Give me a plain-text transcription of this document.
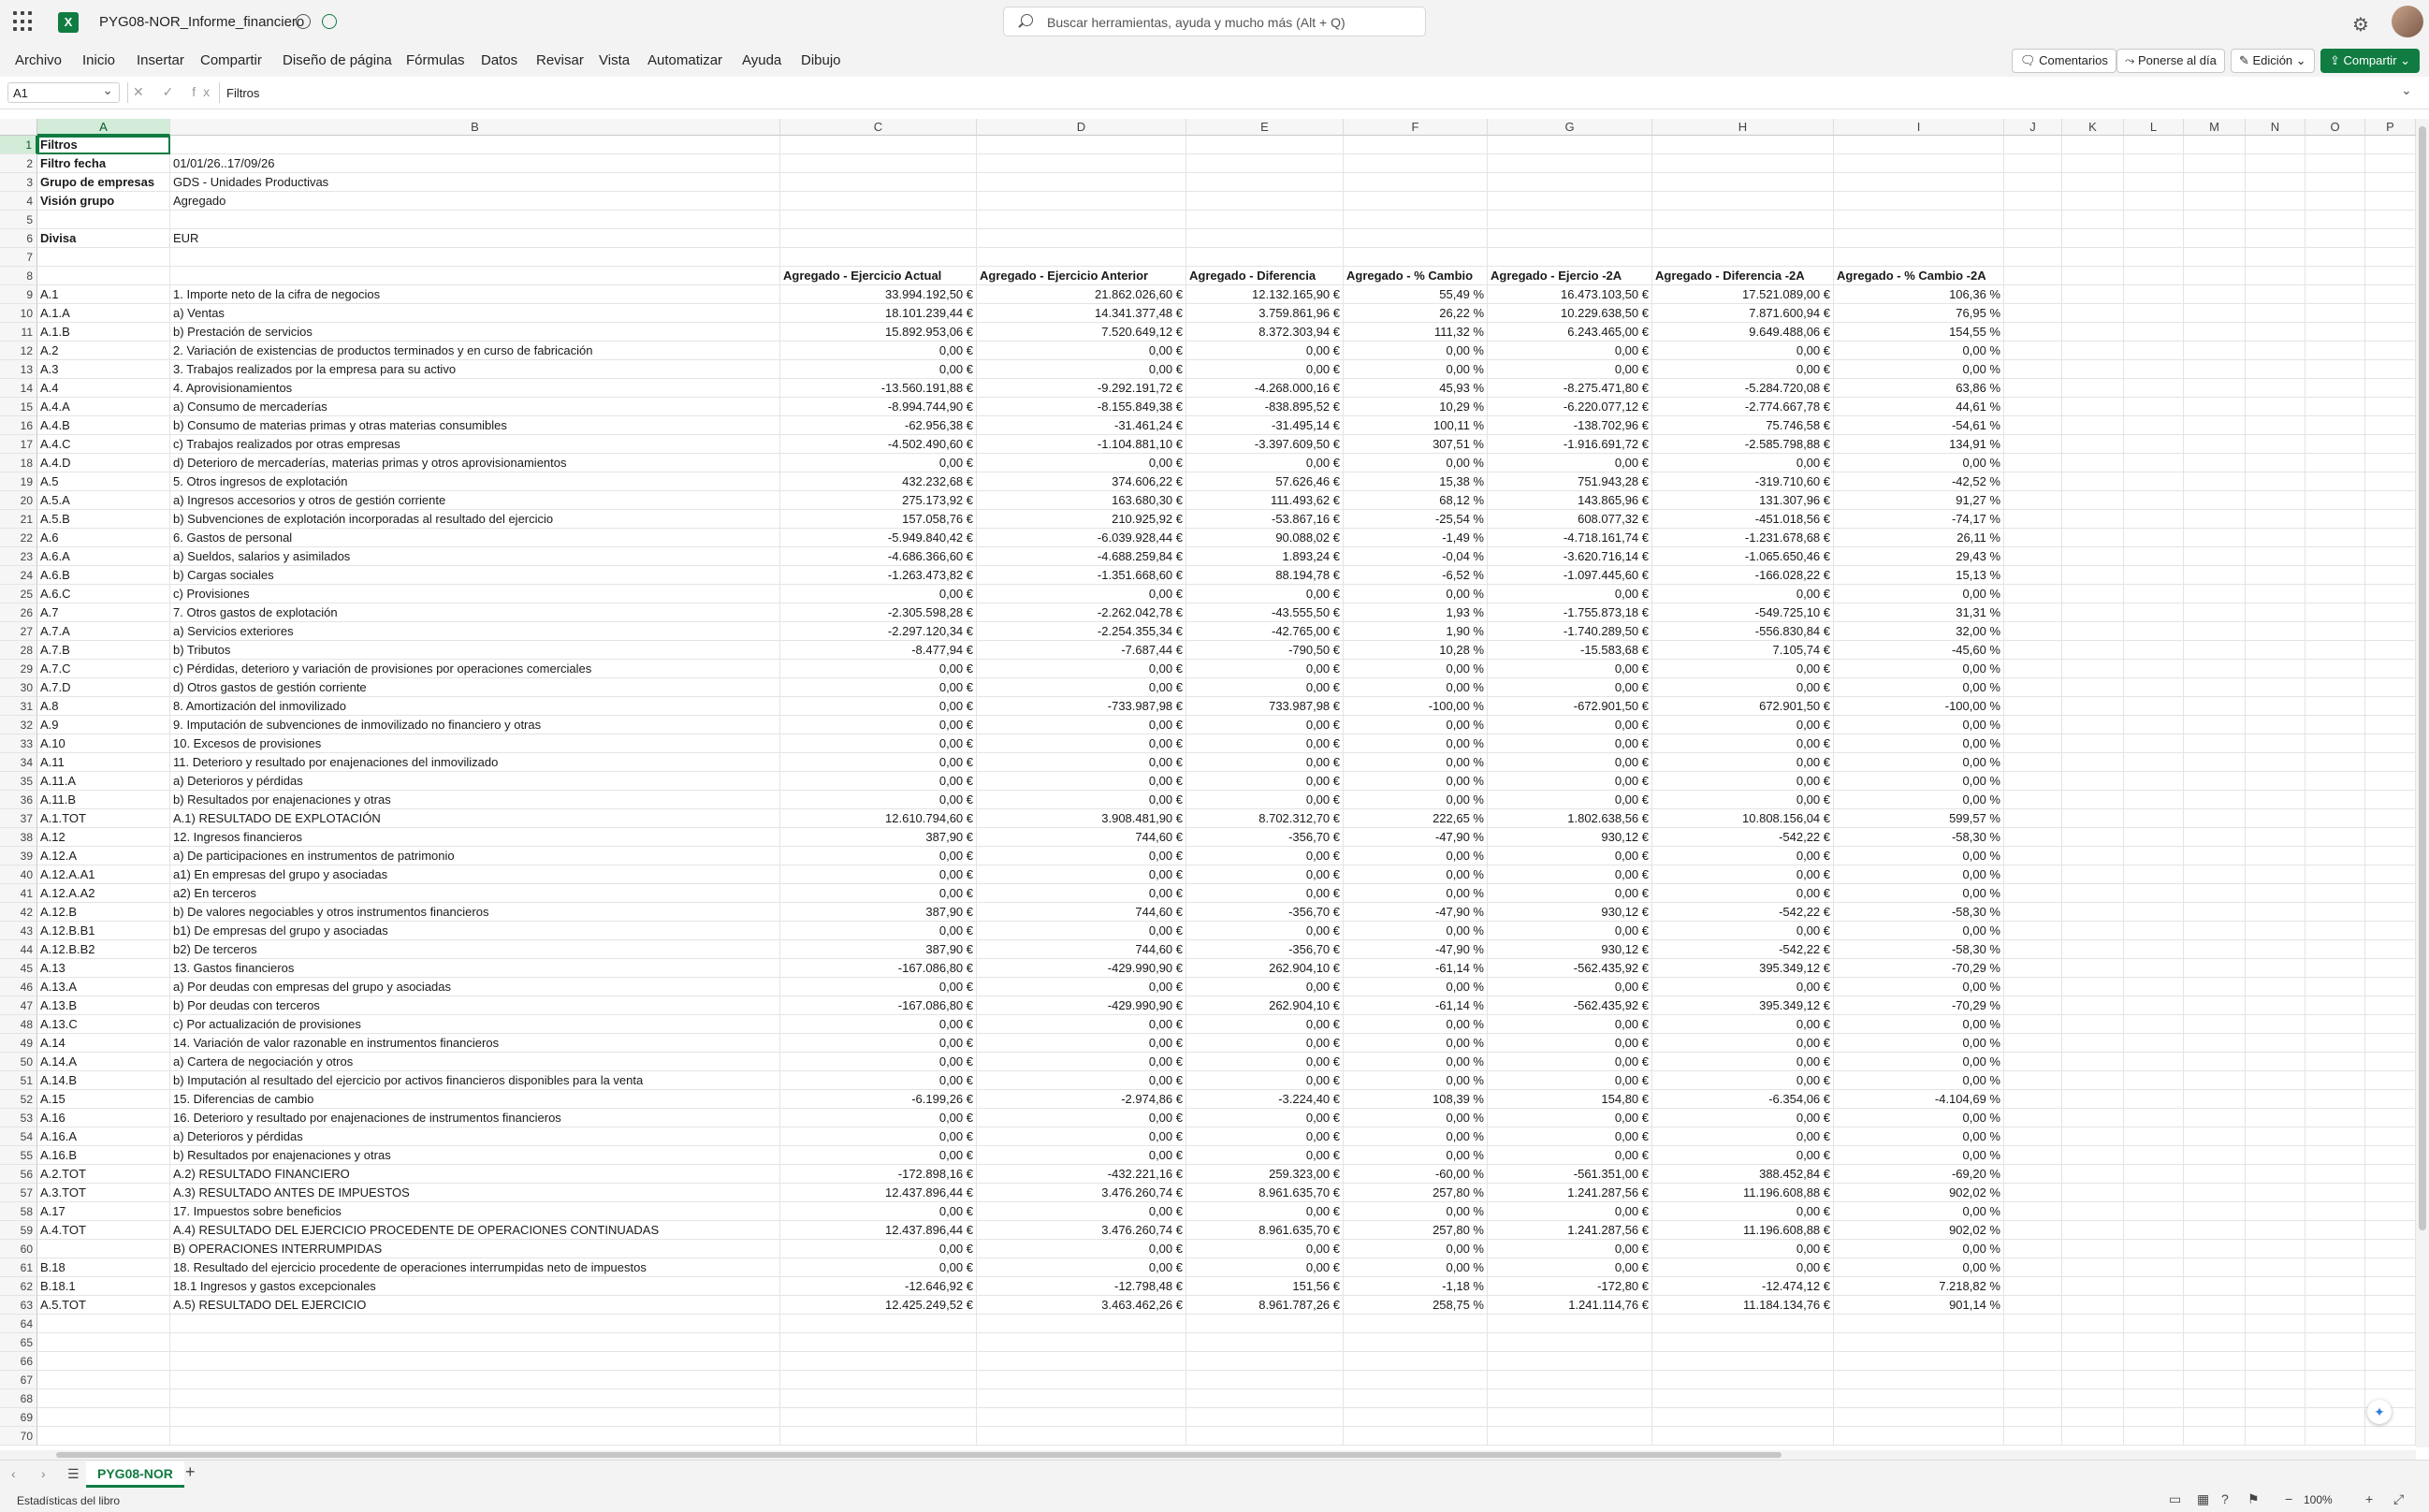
X	PYG08-NOR_Informe_financiero	Buscar herramientas, ayuda y mucho más (Alt + Q)	⚙
Archivo Inicio Insertar Compartir Diseño de página Fórmulas Datos Revisar Vista Automatizar Ayuda Dibujo	🗨 Comentarios	⤳ Ponerse al día	✎ Edición ⌄	⇪ Compartir ⌄
A1 ⌄	✕ ✓ fx Filtros	⌄
A	B	C	D	E	F	G	H	I	J	K	L	M	N	O	P
1 Filtros
2 Filtro fecha	01/01/26..17/09/26
3 Grupo de empresas	GDS - Unidades Productivas
4 Visión grupo	Agregado
5
6 Divisa	EUR
7
8	Agregado - Ejercicio Actual	Agregado - Ejercicio Anterior	Agregado - Diferencia	Agregado - % Cambio	Agregado - Ejercio -2A	Agregado - Diferencia -2A	Agregado - % Cambio -2A
9 A.1	1. Importe neto de la cifra de negocios	33.994.192,50 €	21.862.026,60 €	12.132.165,90 €	55,49 %	16.473.103,50 €	17.521.089,00 €	106,36 %
10 A.1.A	a) Ventas	18.101.239,44 €	14.341.377,48 €	3.759.861,96 €	26,22 %	10.229.638,50 €	7.871.600,94 €	76,95 %
11 A.1.B	b) Prestación de servicios	15.892.953,06 €	7.520.649,12 €	8.372.303,94 €	111,32 %	6.243.465,00 €	9.649.488,06 €	154,55 %
12 A.2	2. Variación de existencias de productos terminados y en curso de fabricación	0,00 €	0,00 €	0,00 €	0,00 %	0,00 €	0,00 €	0,00 %
13 A.3	3. Trabajos realizados por la empresa para su activo	0,00 €	0,00 €	0,00 €	0,00 %	0,00 €	0,00 €	0,00 %
14 A.4	4. Aprovisionamientos	-13.560.191,88 €	-9.292.191,72 €	-4.268.000,16 €	45,93 %	-8.275.471,80 €	-5.284.720,08 €	63,86 %
15 A.4.A	a) Consumo de mercaderías	-8.994.744,90 €	-8.155.849,38 €	-838.895,52 €	10,29 %	-6.220.077,12 €	-2.774.667,78 €	44,61 %
16 A.4.B	b) Consumo de materias primas y otras materias consumibles	-62.956,38 €	-31.461,24 €	-31.495,14 €	100,11 %	-138.702,96 €	75.746,58 €	-54,61 %
17 A.4.C	c) Trabajos realizados por otras empresas	-4.502.490,60 €	-1.104.881,10 €	-3.397.609,50 €	307,51 %	-1.916.691,72 €	-2.585.798,88 €	134,91 %
18 A.4.D	d) Deterioro de mercaderías, materias primas y otros aprovisionamientos	0,00 €	0,00 €	0,00 €	0,00 %	0,00 €	0,00 €	0,00 %
19 A.5	5. Otros ingresos de explotación	432.232,68 €	374.606,22 €	57.626,46 €	15,38 %	751.943,28 €	-319.710,60 €	-42,52 %
20 A.5.A	a) Ingresos accesorios y otros de gestión corriente	275.173,92 €	163.680,30 €	111.493,62 €	68,12 %	143.865,96 €	131.307,96 €	91,27 %
21 A.5.B	b) Subvenciones de explotación incorporadas al resultado del ejercicio	157.058,76 €	210.925,92 €	-53.867,16 €	-25,54 %	608.077,32 €	-451.018,56 €	-74,17 %
22 A.6	6. Gastos de personal	-5.949.840,42 €	-6.039.928,44 €	90.088,02 €	-1,49 %	-4.718.161,74 €	-1.231.678,68 €	26,11 %
23 A.6.A	a) Sueldos, salarios y asimilados	-4.686.366,60 €	-4.688.259,84 €	1.893,24 €	-0,04 %	-3.620.716,14 €	-1.065.650,46 €	29,43 %
24 A.6.B	b) Cargas sociales	-1.263.473,82 €	-1.351.668,60 €	88.194,78 €	-6,52 %	-1.097.445,60 €	-166.028,22 €	15,13 %
25 A.6.C	c) Provisiones	0,00 €	0,00 €	0,00 €	0,00 %	0,00 €	0,00 €	0,00 %
26 A.7	7. Otros gastos de explotación	-2.305.598,28 €	-2.262.042,78 €	-43.555,50 €	1,93 %	-1.755.873,18 €	-549.725,10 €	31,31 %
27 A.7.A	a) Servicios exteriores	-2.297.120,34 €	-2.254.355,34 €	-42.765,00 €	1,90 %	-1.740.289,50 €	-556.830,84 €	32,00 %
28 A.7.B	b) Tributos	-8.477,94 €	-7.687,44 €	-790,50 €	10,28 %	-15.583,68 €	7.105,74 €	-45,60 %
29 A.7.C	c) Pérdidas, deterioro y variación de provisiones por operaciones comerciales	0,00 €	0,00 €	0,00 €	0,00 %	0,00 €	0,00 €	0,00 %
30 A.7.D	d) Otros gastos de gestión corriente	0,00 €	0,00 €	0,00 €	0,00 %	0,00 €	0,00 €	0,00 %
31 A.8	8. Amortización del inmovilizado	0,00 €	-733.987,98 €	733.987,98 €	-100,00 %	-672.901,50 €	672.901,50 €	-100,00 %
32 A.9	9. Imputación de subvenciones de inmovilizado no financiero y otras	0,00 €	0,00 €	0,00 €	0,00 %	0,00 €	0,00 €	0,00 %
33 A.10	10. Excesos de provisiones	0,00 €	0,00 €	0,00 €	0,00 %	0,00 €	0,00 €	0,00 %
34 A.11	11. Deterioro y resultado por enajenaciones del inmovilizado	0,00 €	0,00 €	0,00 €	0,00 %	0,00 €	0,00 €	0,00 %
35 A.11.A	a) Deterioros y pérdidas	0,00 €	0,00 €	0,00 €	0,00 %	0,00 €	0,00 €	0,00 %
36 A.11.B	b) Resultados por enajenaciones y otras	0,00 €	0,00 €	0,00 €	0,00 %	0,00 €	0,00 €	0,00 %
37 A.1.TOT	A.1) RESULTADO DE EXPLOTACIÓN	12.610.794,60 €	3.908.481,90 €	8.702.312,70 €	222,65 %	1.802.638,56 €	10.808.156,04 €	599,57 %
38 A.12	12. Ingresos financieros	387,90 €	744,60 €	-356,70 €	-47,90 %	930,12 €	-542,22 €	-58,30 %
39 A.12.A	a) De participaciones en instrumentos de patrimonio	0,00 €	0,00 €	0,00 €	0,00 %	0,00 €	0,00 €	0,00 %
40 A.12.A.A1	a1) En empresas del grupo y asociadas	0,00 €	0,00 €	0,00 €	0,00 %	0,00 €	0,00 €	0,00 %
41 A.12.A.A2	a2) En terceros	0,00 €	0,00 €	0,00 €	0,00 %	0,00 €	0,00 €	0,00 %
42 A.12.B	b) De valores negociables y otros instrumentos financieros	387,90 €	744,60 €	-356,70 €	-47,90 %	930,12 €	-542,22 €	-58,30 %
43 A.12.B.B1	b1) De empresas del grupo y asociadas	0,00 €	0,00 €	0,00 €	0,00 %	0,00 €	0,00 €	0,00 %
44 A.12.B.B2	b2) De terceros	387,90 €	744,60 €	-356,70 €	-47,90 %	930,12 €	-542,22 €	-58,30 %
45 A.13	13. Gastos financieros	-167.086,80 €	-429.990,90 €	262.904,10 €	-61,14 %	-562.435,92 €	395.349,12 €	-70,29 %
46 A.13.A	a) Por deudas con empresas del grupo y asociadas	0,00 €	0,00 €	0,00 €	0,00 %	0,00 €	0,00 €	0,00 %
47 A.13.B	b) Por deudas con terceros	-167.086,80 €	-429.990,90 €	262.904,10 €	-61,14 %	-562.435,92 €	395.349,12 €	-70,29 %
48 A.13.C	c) Por actualización de provisiones	0,00 €	0,00 €	0,00 €	0,00 %	0,00 €	0,00 €	0,00 %
49 A.14	14. Variación de valor razonable en instrumentos financieros	0,00 €	0,00 €	0,00 €	0,00 %	0,00 €	0,00 €	0,00 %
50 A.14.A	a) Cartera de negociación y otros	0,00 €	0,00 €	0,00 €	0,00 %	0,00 €	0,00 €	0,00 %
51 A.14.B	b) Imputación al resultado del ejercicio por activos financieros disponibles para la venta	0,00 €	0,00 €	0,00 €	0,00 %	0,00 €	0,00 €	0,00 %
52 A.15	15. Diferencias de cambio	-6.199,26 €	-2.974,86 €	-3.224,40 €	108,39 %	154,80 €	-6.354,06 €	-4.104,69 %
53 A.16	16. Deterioro y resultado por enajenaciones de instrumentos financieros	0,00 €	0,00 €	0,00 €	0,00 %	0,00 €	0,00 €	0,00 %
54 A.16.A	a) Deterioros y pérdidas	0,00 €	0,00 €	0,00 €	0,00 %	0,00 €	0,00 €	0,00 %
55 A.16.B	b) Resultados por enajenaciones y otras	0,00 €	0,00 €	0,00 €	0,00 %	0,00 €	0,00 €	0,00 %
56 A.2.TOT	A.2) RESULTADO FINANCIERO	-172.898,16 €	-432.221,16 €	259.323,00 €	-60,00 %	-561.351,00 €	388.452,84 €	-69,20 %
57 A.3.TOT	A.3) RESULTADO ANTES DE IMPUESTOS	12.437.896,44 €	3.476.260,74 €	8.961.635,70 €	257,80 %	1.241.287,56 €	11.196.608,88 €	902,02 %
58 A.17	17. Impuestos sobre beneficios	0,00 €	0,00 €	0,00 €	0,00 %	0,00 €	0,00 €	0,00 %
59 A.4.TOT	A.4) RESULTADO DEL EJERCICIO PROCEDENTE DE OPERACIONES CONTINUADAS	12.437.896,44 €	3.476.260,74 €	8.961.635,70 €	257,80 %	1.241.287,56 €	11.196.608,88 €	902,02 %
60	B) OPERACIONES INTERRUMPIDAS	0,00 €	0,00 €	0,00 €	0,00 %	0,00 €	0,00 €	0,00 %
61 B.18	18. Resultado del ejercicio procedente de operaciones interrumpidas neto de impuestos	0,00 €	0,00 €	0,00 €	0,00 %	0,00 €	0,00 €	0,00 %
62 B.18.1	18.1 Ingresos y gastos excepcionales	-12.646,92 €	-12.798,48 €	151,56 €	-1,18 %	-172,80 €	-12.474,12 €	7.218,82 %
63 A.5.TOT	A.5) RESULTADO DEL EJERCICIO	12.425.249,52 €	3.463.462,26 €	8.961.787,26 €	258,75 %	1.241.114,76 €	11.184.134,76 €	901,14 %
64
65
66
67
68
69
70
✦
‹ › ☰	PYG08-NOR +
Estadísticas del libro	▭ ▦ ? ⚑ − 100%	+ ⤢
